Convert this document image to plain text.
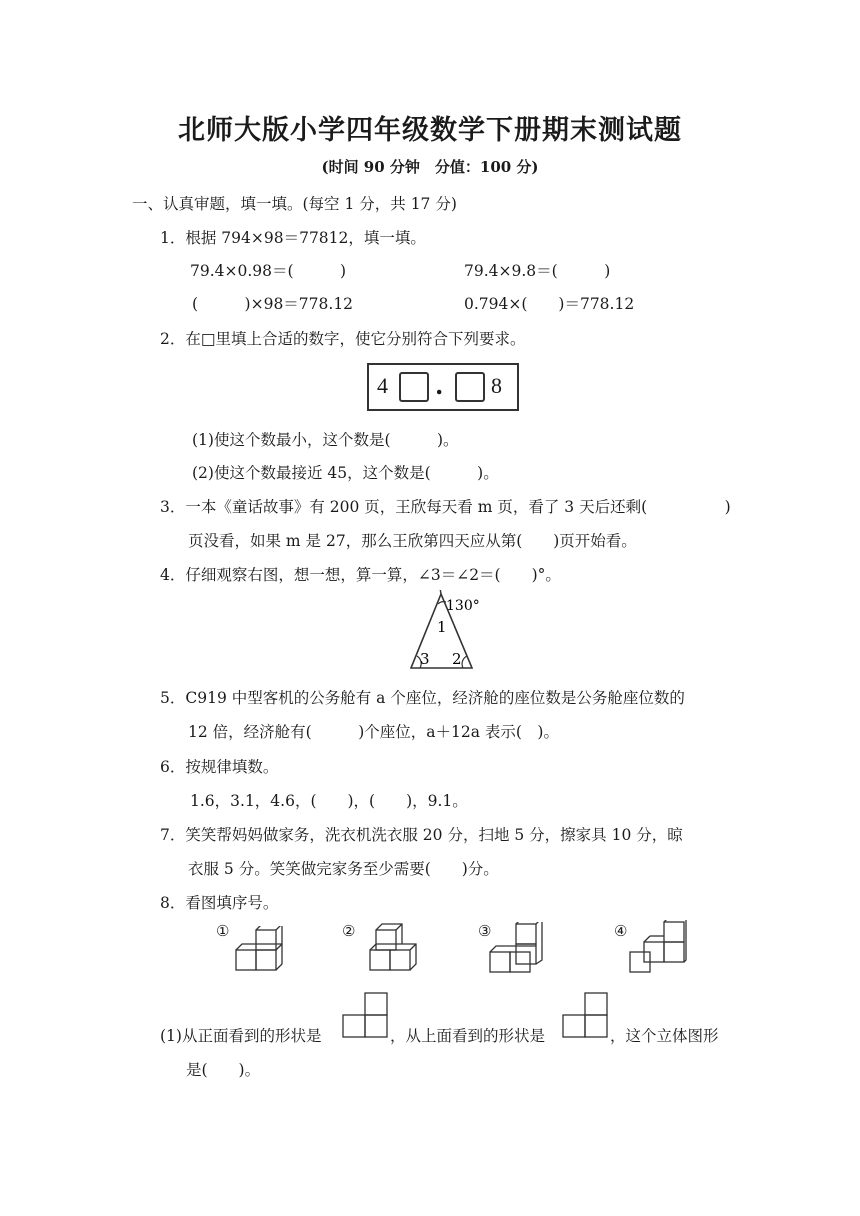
北师大版小学四年级数学下册期末测试题
(时间 90 分钟　分值：100 分)
一、认真审题，填一填。(每空 1 分，共 17 分)
1．根据 794×98＝77812，填一填。
79.4×0.98＝(　　　)	79.4×9.8＝(　　　)
(　　　)×98＝778.12	0.794×(　　)＝778.12
2．在□里填上合适的数字，使它分别符合下列要求。
4 . 8
(1)使这个数最小，这个数是(　　　)。
(2)使这个数最接近 45，这个数是(　　　)。
3．一本《童话故事》有 200 页，王欣每天看 m 页，看了 3 天后还剩(　　　　　)
页没看，如果 m 是 27，那么王欣第四天应从第(　　)页开始看。
4．仔细观察右图，想一想，算一算，∠3＝∠2＝(　　)°。
130°
1
3 2
5．C919 中型客机的公务舱有 a 个座位，经济舱的座位数是公务舱座位数的
12 倍，经济舱有(　　　)个座位，a＋12a 表示(　)。
6．按规律填数。
1.6，3.1，4.6，(　　)，(　　)，9.1。
7．笑笑帮妈妈做家务，洗衣机洗衣服 20 分，扫地 5 分，擦家具 10 分，晾
衣服 5 分。笑笑做完家务至少需要(　　)分。
8．看图填序号。
①	②	③	④
(1)从正面看到的形状是	，从上面看到的形状是	，这个立体图形
是(　　)。
